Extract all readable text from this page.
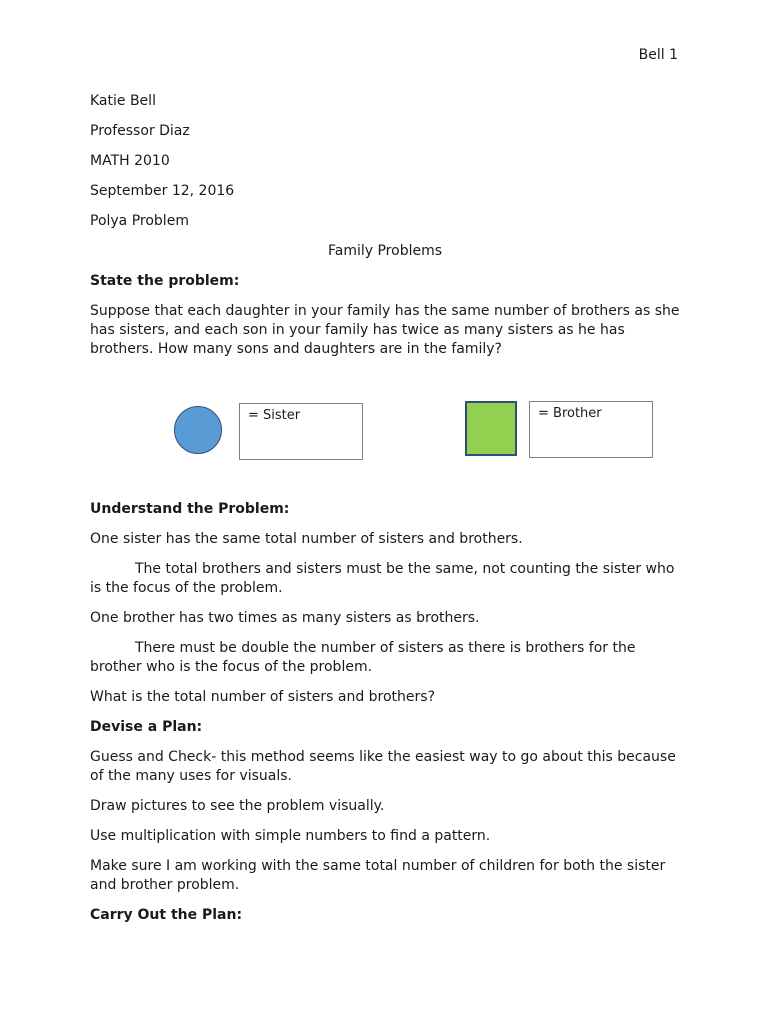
Bell 1

Katie Bell

Professor Diaz

MATH 2010

September 12, 2016

Polya Problem

Family Problems

State the problem:

Suppose that each daughter in your family has the same number of brothers as she has sisters, and each son in your family has twice as many sisters as he has brothers. How many sons and daughters are in the family?

= Sister	= Brother

Understand the Problem:

One sister has the same total number of sisters and brothers.

The total brothers and sisters must be the same, not counting the sister who is the focus of the problem.

One brother has two times as many sisters as brothers.

There must be double the number of sisters as there is brothers for the brother who is the focus of the problem.

What is the total number of sisters and brothers?

Devise a Plan:

Guess and Check- this method seems like the easiest way to go about this because of the many uses for visuals.

Draw pictures to see the problem visually.

Use multiplication with simple numbers to find a pattern.

Make sure I am working with the same total number of children for both the sister and brother problem.

Carry Out the Plan:
